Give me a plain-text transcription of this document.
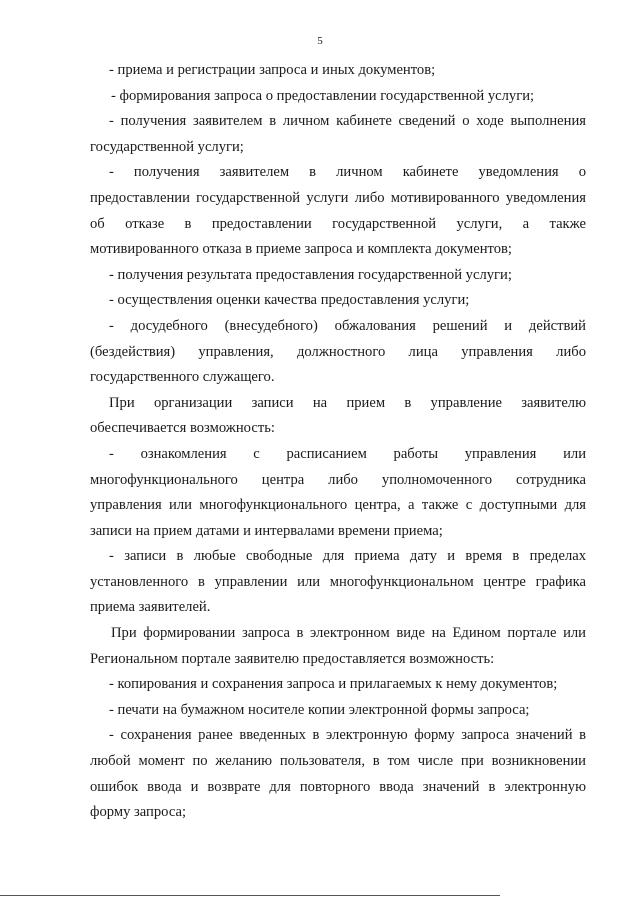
5
- приема и регистрации запроса и иных документов;
- формирования запроса о предоставлении государственной услуги;
- получения заявителем в личном кабинете сведений о ходе выполнения
государственной услуги;
- получения заявителем в личном кабинете уведомления о
предоставлении государственной услуги либо мотивированного уведомления
об отказе в предоставлении государственной услуги, а также
мотивированного отказа в приеме запроса и комплекта документов;
- получения результата предоставления государственной услуги;
- осуществления оценки качества предоставления услуги;
- досудебного (внесудебного) обжалования решений и действий
(бездействия) управления, должностного лица управления либо
государственного служащего.
При организации записи на прием в управление заявителю
обеспечивается возможность:
- ознакомления с расписанием работы управления или
многофункционального центра либо уполномоченного сотрудника
управления или многофункционального центра, а также с доступными для
записи на прием датами и интервалами времени приема;
- записи в любые свободные для приема дату и время в пределах
установленного в управлении или многофункциональном центре графика
приема заявителей.
При формировании запроса в электронном виде на Едином портале или
Региональном портале заявителю предоставляется возможность:
- копирования и сохранения запроса и прилагаемых к нему документов;
- печати на бумажном носителе копии электронной формы запроса;
- сохранения ранее введенных в электронную форму запроса значений в
любой момент по желанию пользователя, в том числе при возникновении
ошибок ввода и возврате для повторного ввода значений в электронную
форму запроса;
